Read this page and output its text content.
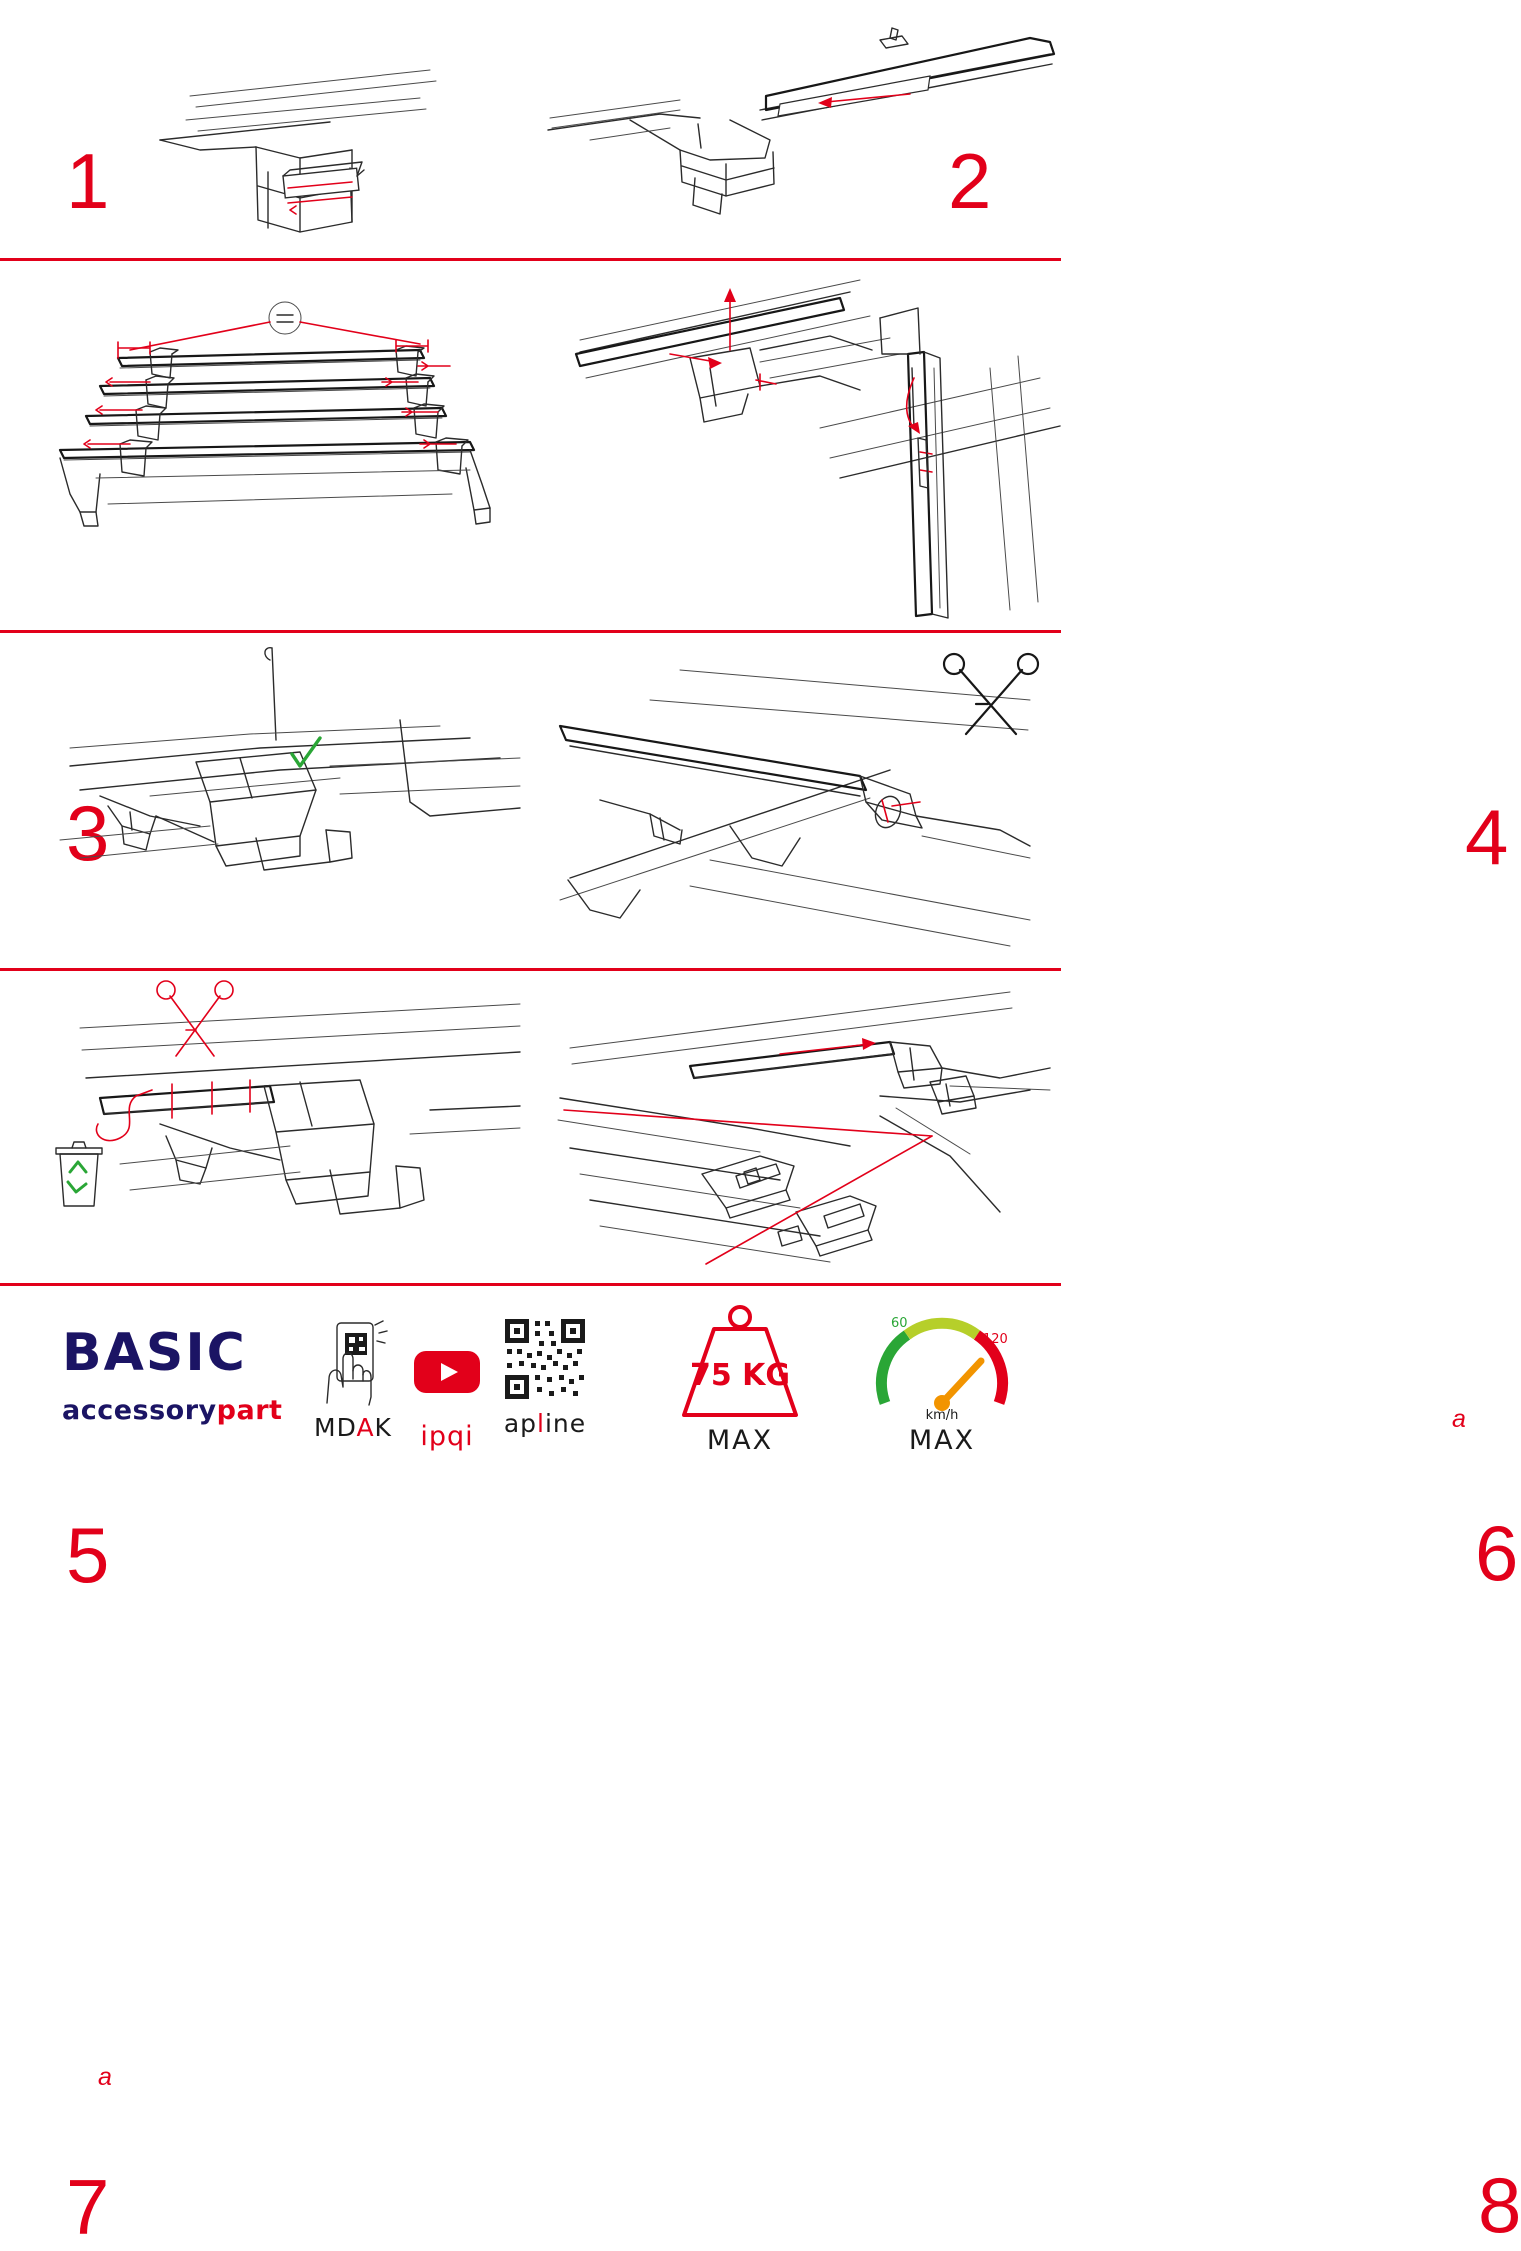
1	2
3	4
5
a
6
a
7	8
BASIC
accessorypart
MDAK	ipqi	apline
75 KG
MAX
60
120
km/h
MAX
